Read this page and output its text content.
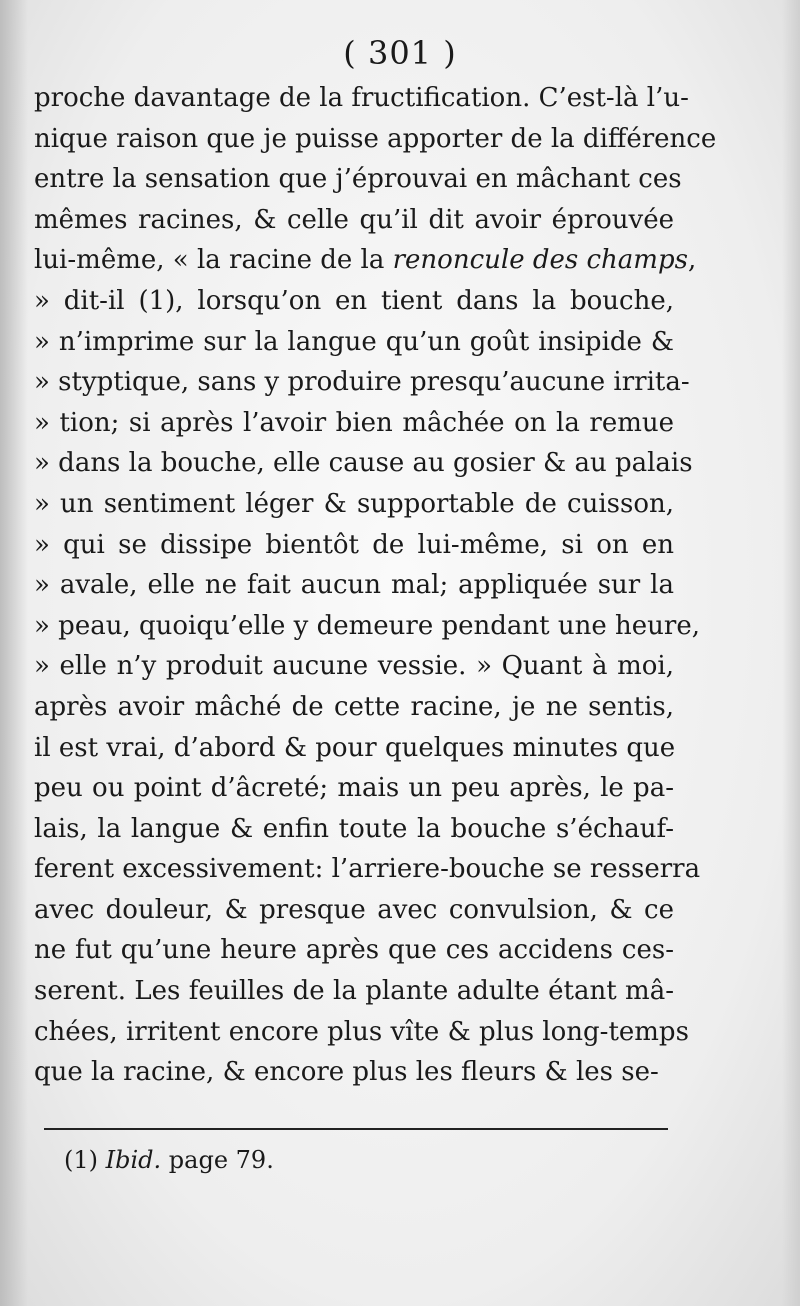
( 301 )
proche davantage de la fructification. C’est-là l’u-
nique raison que je puisse apporter de la différence
entre la sensation que j’éprouvai en mâchant ces
mêmes racines, & celle qu’il dit avoir éprouvée
lui-même, « la racine de la renoncule des champs,
» dit-il (1), lorsqu’on en tient dans la bouche,
» n’imprime sur la langue qu’un goût insipide &
» styptique, sans y produire presqu’aucune irrita-
» tion; si après l’avoir bien mâchée on la remue
» dans la bouche, elle cause au gosier & au palais
» un sentiment léger & supportable de cuisson,
» qui se dissipe bientôt de lui-même, si on en
» avale, elle ne fait aucun mal; appliquée sur la
» peau, quoiqu’elle y demeure pendant une heure,
» elle n’y produit aucune vessie. » Quant à moi,
après avoir mâché de cette racine, je ne sentis,
il est vrai, d’abord & pour quelques minutes que
peu ou point d’âcreté; mais un peu après, le pa-
lais, la langue & enfin toute la bouche s’échauf-
ferent excessivement: l’arriere-bouche se resserra
avec douleur, & presque avec convulsion, & ce
ne fut qu’une heure après que ces accidens ces-
serent. Les feuilles de la plante adulte étant mâ-
chées, irritent encore plus vîte & plus long-temps
que la racine, & encore plus les fleurs & les se-
(1) Ibid. page 79.
